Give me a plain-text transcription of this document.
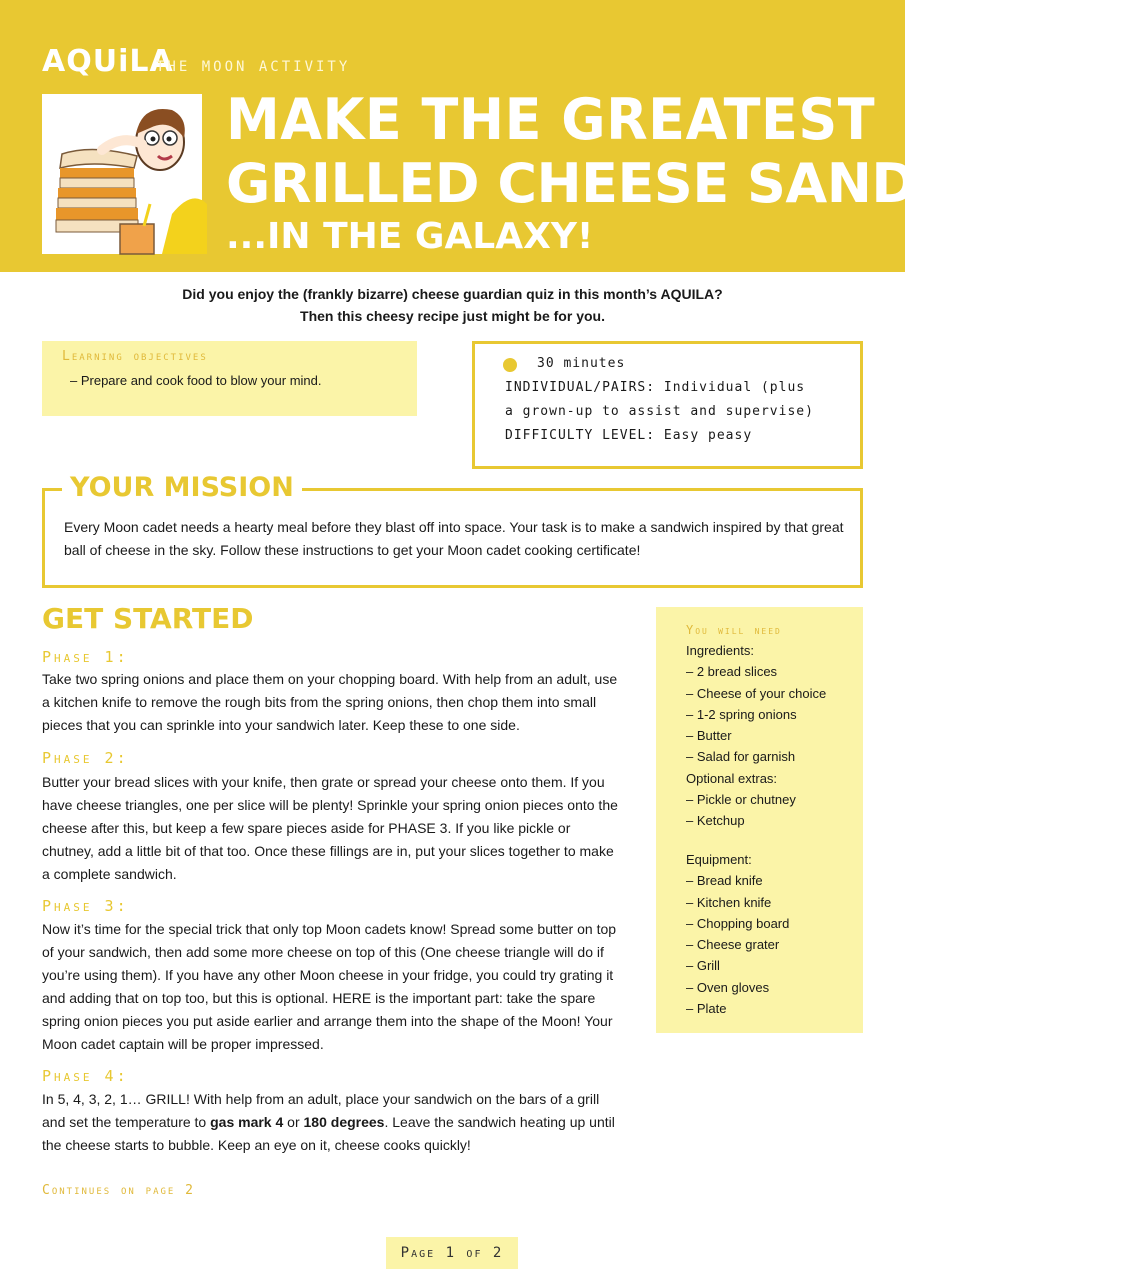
AQUiLA
THE MOON ACTIVITY
MAKE THE GREATEST
GRILLED CHEESE SANDWICH...
...IN THE GALAXY!
Did you enjoy the (frankly bizarre) cheese guardian quiz in this month’s AQUILA?
Then this cheesy recipe just might be for you.
Learning objectives
– Prepare and cook food to blow your mind.
30 minutes
INDIVIDUAL/PAIRS: Individual (plus
a grown-up to assist and supervise)
DIFFICULTY LEVEL: Easy peasy
YOUR MISSION
Every Moon cadet needs a hearty meal before they blast off into space. Your task is to make a sandwich inspired by that great ball of cheese in the sky. Follow these instructions to get your Moon cadet cooking certificate!
GET STARTED
Phase 1:
Take two spring onions and place them on your chopping board. With help from an adult, use a kitchen knife to remove the rough bits from the spring onions, then chop them into small pieces that you can sprinkle into your sandwich later. Keep these to one side.
Phase 2:
Butter your bread slices with your knife, then grate or spread your cheese onto them. If you have cheese triangles, one per slice will be plenty! Sprinkle your spring onion pieces onto the cheese after this, but keep a few spare pieces aside for PHASE 3. If you like pickle or chutney, add a little bit of that too. Once these fillings are in, put your slices together to make a complete sandwich.
Phase 3:
Now it’s time for the special trick that only top Moon cadets know! Spread some butter on top of your sandwich, then add some more cheese on top of this (One cheese triangle will do if you’re using them). If you have any other Moon cheese in your fridge, you could try grating it and adding that on top too, but this is optional. HERE is the important part: take the spare spring onion pieces you put aside earlier and arrange them into the shape of the Moon! Your Moon cadet captain will be proper impressed.
Phase 4:
In 5, 4, 3, 2, 1… GRILL! With help from an adult, place your sandwich on the bars of a grill and set the temperature to gas mark 4 or 180 degrees. Leave the sandwich heating up until the cheese starts to bubble. Keep an eye on it, cheese cooks quickly!
Continues on page 2
You will need
Ingredients:
– 2 bread slices
– Cheese of your choice
– 1-2 spring onions
– Butter
– Salad for garnish
Optional extras:
– Pickle or chutney
– Ketchup
Equipment:
– Bread knife
– Kitchen knife
– Chopping board
– Cheese grater
– Grill
– Oven gloves
– Plate
Page 1 of 2
